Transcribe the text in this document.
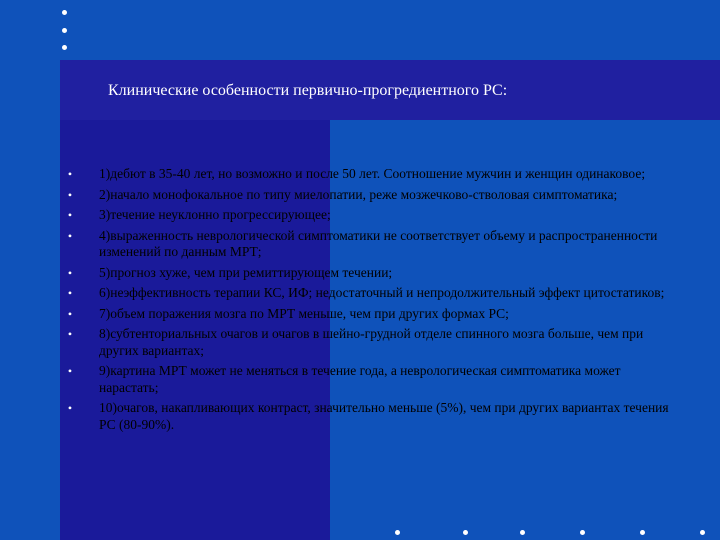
Клинические особенности первично-прогредиентного РС:
•	1)дебют в 35-40 лет, но возможно и после 50 лет. Соотношение мужчин и женщин одинаковое;
•	2)начало монофокальное по типу миелопатии, реже мозжечково-стволовая симптоматика;
•	3)течение неуклонно прогрессирующее;
•	4)выраженность неврологической симптоматики не соответствует объему и распространенности изменений по данным МРТ;
•	5)прогноз хуже, чем при ремиттирующем течении;
•	6)неэффективность терапии КС, ИФ; недостаточный и непродолжительный эффект цитостатиков;
•	7)объем поражения мозга по МРТ меньше, чем при других формах РС;
•	8)субтенториальных очагов и очагов в шейно-грудной отделе спинного мозга больше, чем при других вариантах;
•	9)картина МРТ может не меняться в течение года, а неврологическая симптоматика может нарастать;
•	10)очагов, накапливающих контраст, значительно меньше (5%), чем при других вариантах течения РС (80-90%).
